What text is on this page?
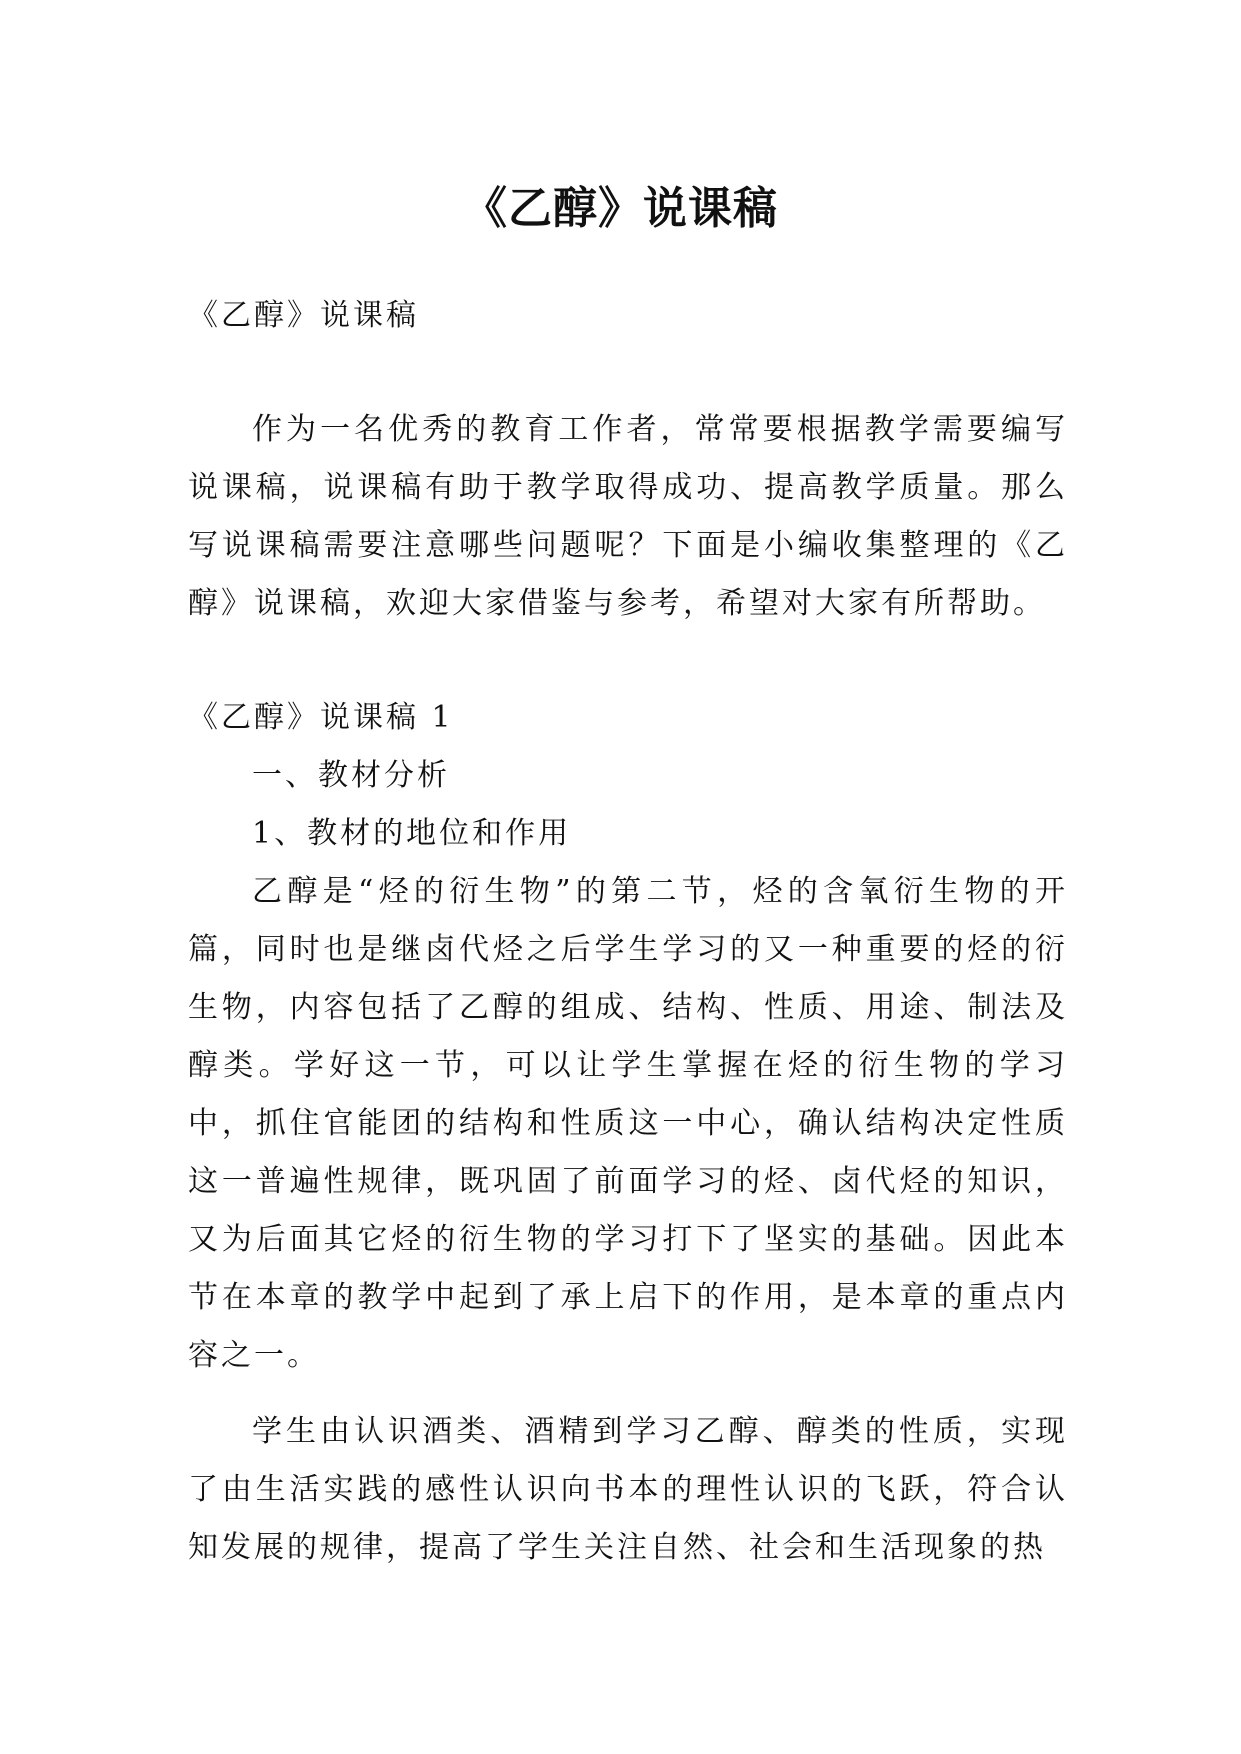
《乙醇》说课稿

《乙醇》说课稿

作为一名优秀的教育工作者，常常要根据教学需要编写说课稿，说课稿有助于教学取得成功、提高教学质量。那么写说课稿需要注意哪些问题呢？下面是小编收集整理的《乙醇》说课稿，欢迎大家借鉴与参考，希望对大家有所帮助。

《乙醇》说课稿 1

一、教材分析

1、教材的地位和作用

乙醇是“烃的衍生物”的第二节，烃的含氧衍生物的开篇，同时也是继卤代烃之后学生学习的又一种重要的烃的衍生物，内容包括了乙醇的组成、结构、性质、用途、制法及醇类。学好这一节，可以让学生掌握在烃的衍生物的学习中，抓住官能团的结构和性质这一中心，确认结构决定性质这一普遍性规律，既巩固了前面学习的烃、卤代烃的知识，又为后面其它烃的衍生物的学习打下了坚实的基础。因此本节在本章的教学中起到了承上启下的作用，是本章的重点内容之一。

学生由认识酒类、酒精到学习乙醇、醇类的性质，实现了由生活实践的感性认识向书本的理性认识的飞跃，符合认知发展的规律，提高了学生关注自然、社会和生活现象的热
